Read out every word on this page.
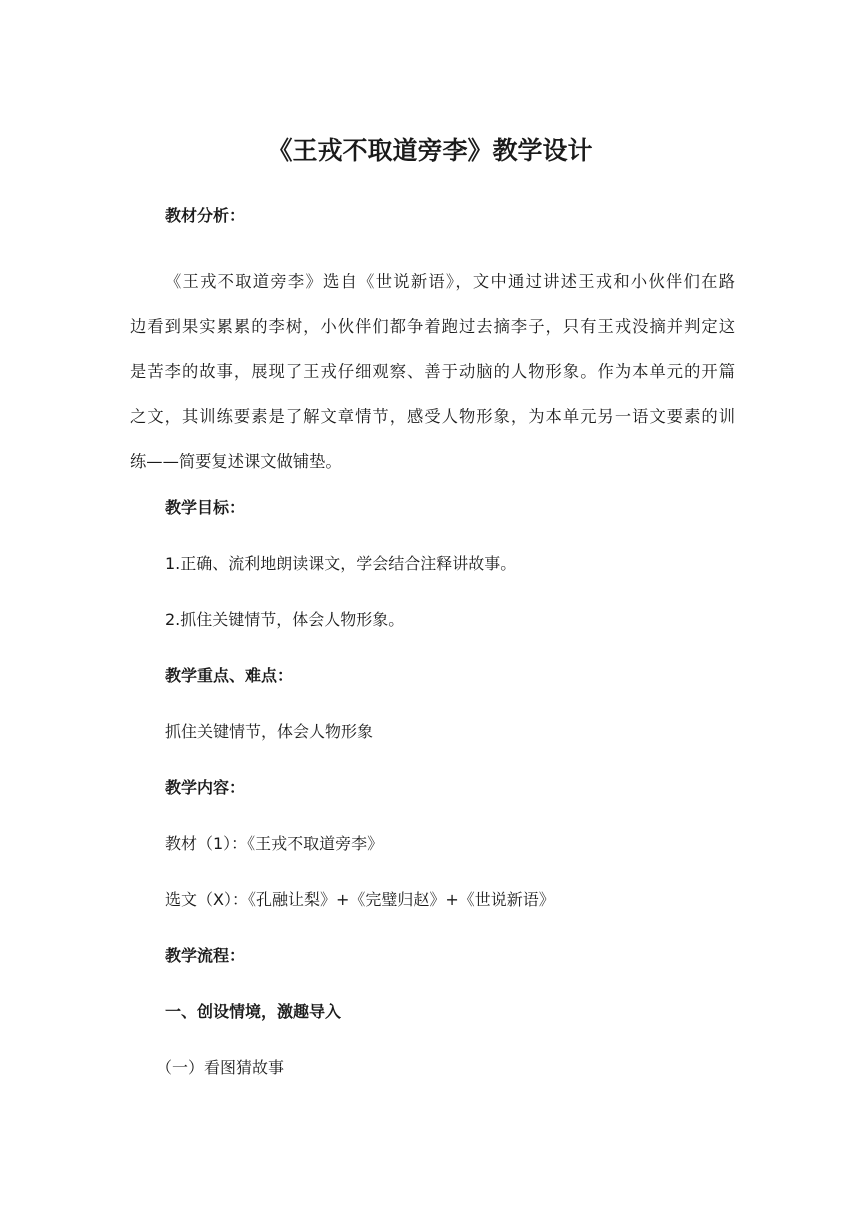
《王戎不取道旁李》教学设计

教材分析：

《王戎不取道旁李》选自《世说新语》，文中通过讲述王戎和小伙伴们在路
边看到果实累累的李树，小伙伴们都争着跑过去摘李子，只有王戎没摘并判定这
是苦李的故事，展现了王戎仔细观察、善于动脑的人物形象。作为本单元的开篇
之文，其训练要素是了解文章情节，感受人物形象，为本单元另一语文要素的训
练——简要复述课文做铺垫。

教学目标：

1.正确、流利地朗读课文，学会结合注释讲故事。

2.抓住关键情节，体会人物形象。

教学重点、难点：

抓住关键情节，体会人物形象

教学内容：

教材（1）：《王戎不取道旁李》

选文（X）：《孔融让梨》+《完璧归赵》+《世说新语》

教学流程：

一、创设情境，激趣导入

（一）看图猜故事
